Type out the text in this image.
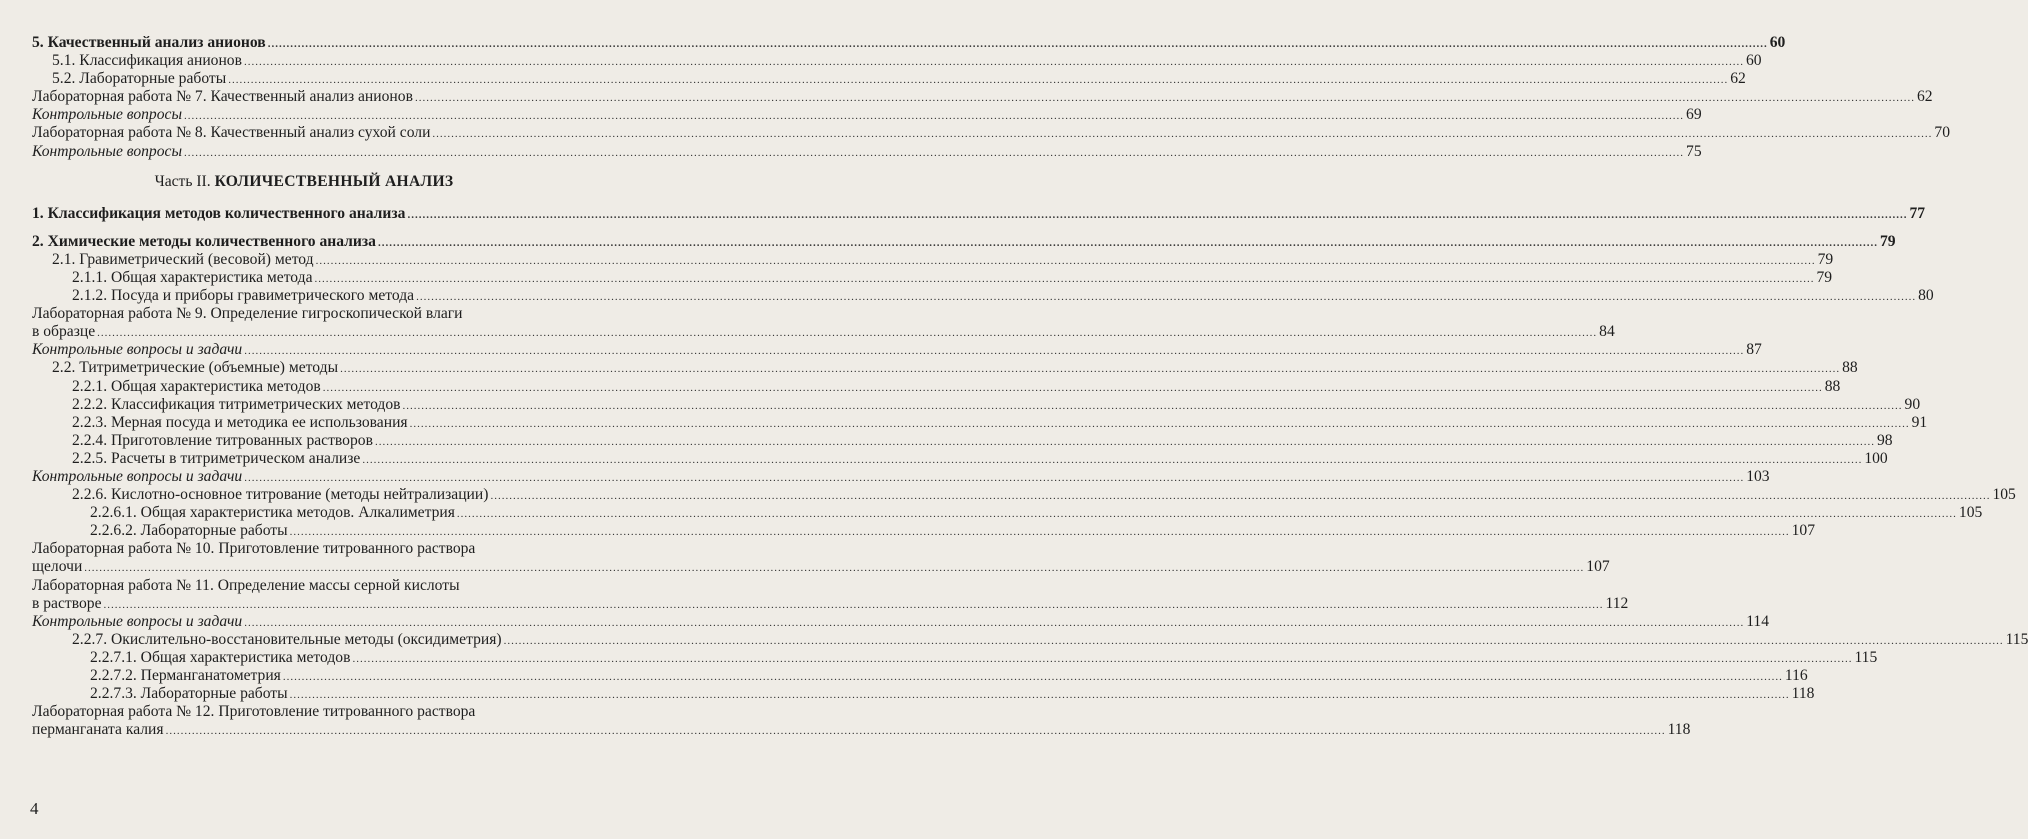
5. Качественный анализ анионов ................................................................................................................................................................................................................................................................................................................................................................................................................ 60
5.1. Классификация анионов ................................................................................................................................................................................................................................................................................................................................................................................................................ 60
5.2. Лабораторные работы ................................................................................................................................................................................................................................................................................................................................................................................................................ 62
Лабораторная работа № 7. Качественный анализ анионов ................................................................................................................................................................................................................................................................................................................................................................................................................ 62
Контрольные вопросы ................................................................................................................................................................................................................................................................................................................................................................................................................ 69
Лабораторная работа № 8. Качественный анализ сухой соли ................................................................................................................................................................................................................................................................................................................................................................................................................ 70
Контрольные вопросы ................................................................................................................................................................................................................................................................................................................................................................................................................ 75
Часть II. КОЛИЧЕСТВЕННЫЙ АНАЛИЗ
1. Классификация методов количественного анализа ................................................................................................................................................................................................................................................................................................................................................................................................................ 77
2. Химические методы количественного анализа ................................................................................................................................................................................................................................................................................................................................................................................................................ 79
2.1. Гравиметрический (весовой) метод ................................................................................................................................................................................................................................................................................................................................................................................................................ 79
2.1.1. Общая характеристика метода ................................................................................................................................................................................................................................................................................................................................................................................................................ 79
2.1.2. Посуда и приборы гравиметрического метода ................................................................................................................................................................................................................................................................................................................................................................................................................ 80
Лабораторная работа № 9. Определение гигроскопической влаги
в образце ................................................................................................................................................................................................................................................................................................................................................................................................................ 84
Контрольные вопросы и задачи ................................................................................................................................................................................................................................................................................................................................................................................................................ 87
2.2. Титриметрические (объемные) методы ................................................................................................................................................................................................................................................................................................................................................................................................................ 88
2.2.1. Общая характеристика методов ................................................................................................................................................................................................................................................................................................................................................................................................................ 88
2.2.2. Классификация титриметрических методов ................................................................................................................................................................................................................................................................................................................................................................................................................ 90
2.2.3. Мерная посуда и методика ее использования ................................................................................................................................................................................................................................................................................................................................................................................................................ 91
2.2.4. Приготовление титрованных растворов ................................................................................................................................................................................................................................................................................................................................................................................................................ 98
2.2.5. Расчеты в титриметрическом анализе ................................................................................................................................................................................................................................................................................................................................................................................................................ 100
Контрольные вопросы и задачи ................................................................................................................................................................................................................................................................................................................................................................................................................ 103
2.2.6. Кислотно-основное титрование (методы нейтрализации) ................................................................................................................................................................................................................................................................................................................................................................................................................ 105
2.2.6.1. Общая характеристика методов. Алкалиметрия ................................................................................................................................................................................................................................................................................................................................................................................................................ 105
2.2.6.2. Лабораторные работы ................................................................................................................................................................................................................................................................................................................................................................................................................ 107
Лабораторная работа № 10. Приготовление титрованного раствора
щелочи ................................................................................................................................................................................................................................................................................................................................................................................................................ 107
Лабораторная работа № 11. Определение массы серной кислоты
в растворе ................................................................................................................................................................................................................................................................................................................................................................................................................ 112
Контрольные вопросы и задачи ................................................................................................................................................................................................................................................................................................................................................................................................................ 114
2.2.7. Окислительно-восстановительные методы (оксидиметрия) ................................................................................................................................................................................................................................................................................................................................................................................................................ 115
2.2.7.1. Общая характеристика методов ................................................................................................................................................................................................................................................................................................................................................................................................................ 115
2.2.7.2. Перманганатометрия ................................................................................................................................................................................................................................................................................................................................................................................................................ 116
2.2.7.3. Лабораторные работы ................................................................................................................................................................................................................................................................................................................................................................................................................ 118
Лабораторная работа № 12. Приготовление титрованного раствора
перманганата калия ................................................................................................................................................................................................................................................................................................................................................................................................................ 118
4
